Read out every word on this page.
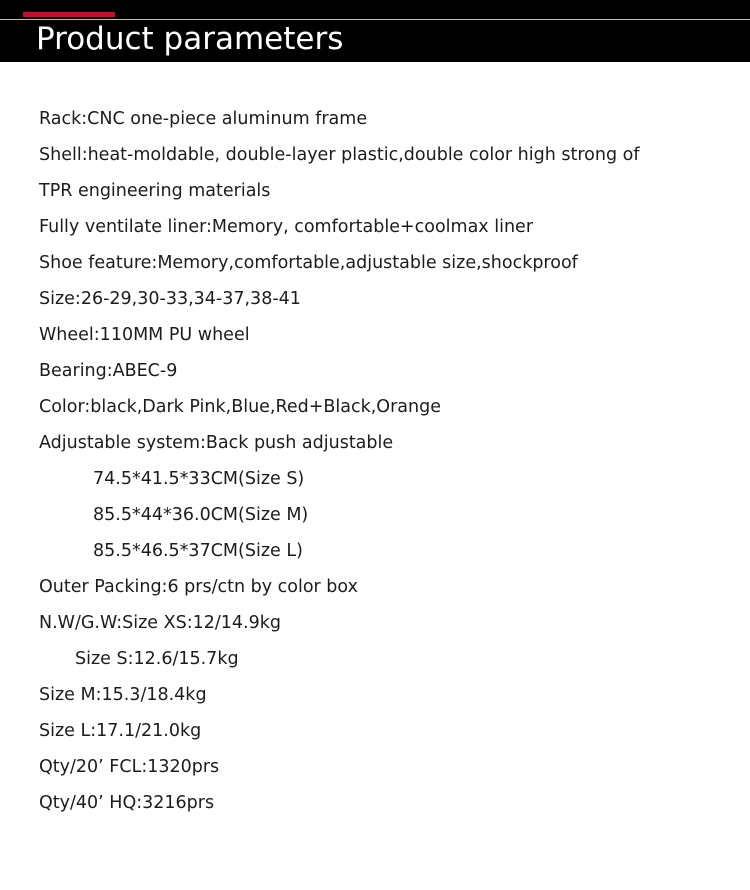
Product parameters
Rack:CNC one-piece aluminum frame
Shell:heat-moldable, double-layer plastic,double color high strong of
TPR engineering materials
Fully ventilate liner:Memory, comfortable+coolmax liner
Shoe feature:Memory,comfortable,adjustable size,shockproof
Size:26-29,30-33,34-37,38-41
Wheel:110MM PU wheel
Bearing:ABEC-9
Color:black,Dark Pink,Blue,Red+Black,Orange
Adjustable system:Back push adjustable
74.5*41.5*33CM(Size S)
85.5*44*36.0CM(Size M)
85.5*46.5*37CM(Size L)
Outer Packing:6 prs/ctn by color box
N.W/G.W:Size XS:12/14.9kg
Size S:12.6/15.7kg
Size M:15.3/18.4kg
Size L:17.1/21.0kg
Qty/20’ FCL:1320prs
Qty/40’ HQ:3216prs
